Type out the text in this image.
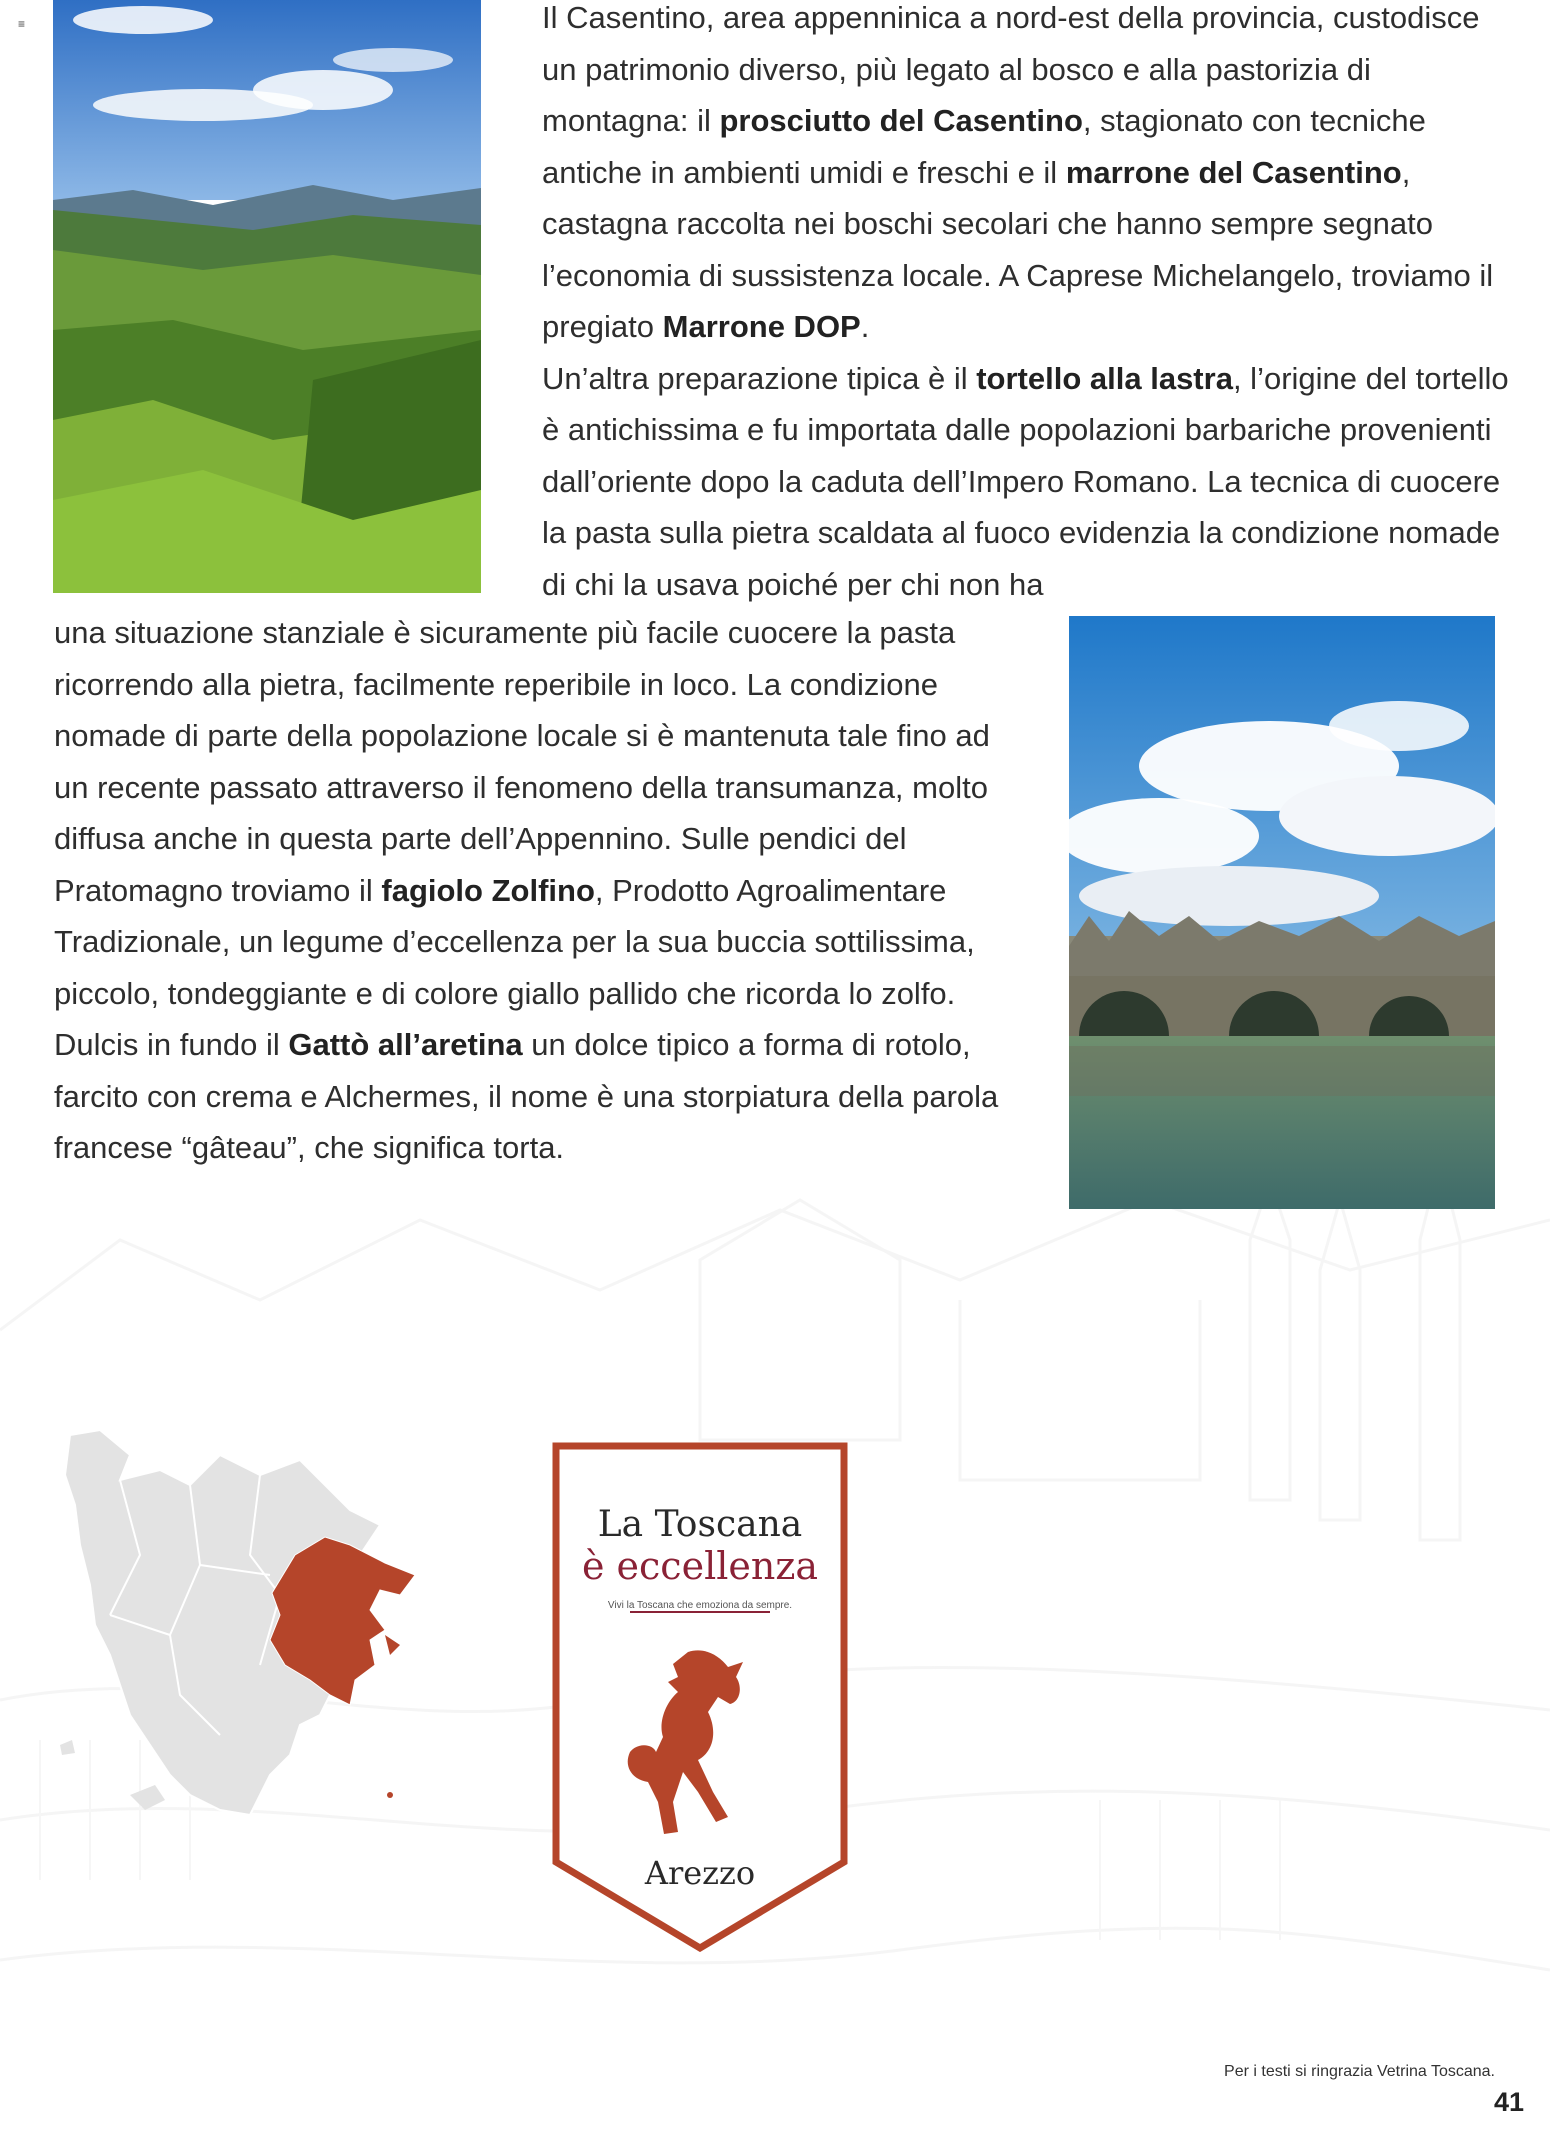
≡	Il Casentino, area appenninica a nord-est della provincia, custodisce un patrimonio diverso, più legato al bosco e alla pastorizia di montagna: il prosciutto del Casentino, stagionato con tecniche antiche in ambienti umidi e freschi e il marrone del Casentino, castagna raccolta nei boschi secolari che hanno sempre segnato l’economia di sussistenza locale. A Caprese Michelangelo, troviamo il pregiato Marrone DOP.

Un’altra preparazione tipica è il tortello alla lastra, l’origine del tortello è antichissima e fu importata dalle popolazioni barbariche provenienti dall’oriente dopo la caduta dell’Impero Romano. La tecnica di cuocere la pasta sulla pietra scaldata al fuoco evidenzia la condizione nomade di chi la usava poiché per chi non ha

una situazione stanziale è sicuramente più facile cuocere la pasta ricorrendo alla pietra, facilmente reperibile in loco. La condizione nomade di parte della popolazione locale si è mantenuta tale fino ad un recente passato attraverso il fenomeno della transumanza, molto diffusa anche in questa parte dell’Appennino. Sulle pendici del Pratomagno troviamo il fagiolo Zolfino, Prodotto Agroalimentare Tradizionale, un legume d’eccellenza per la sua buccia sottilissima, piccolo, tondeggiante e di colore giallo pallido che ricorda lo zolfo. Dulcis in fundo il Gattò all’aretina un dolce tipico a forma di rotolo, farcito con crema e Alchermes, il nome è una storpiatura della parola francese “gâteau”, che significa torta.

La Toscana
è eccellenza
Vivi la Toscana che emoziona da sempre.
Arezzo
Per i testi si ringrazia Vetrina Toscana.
41
